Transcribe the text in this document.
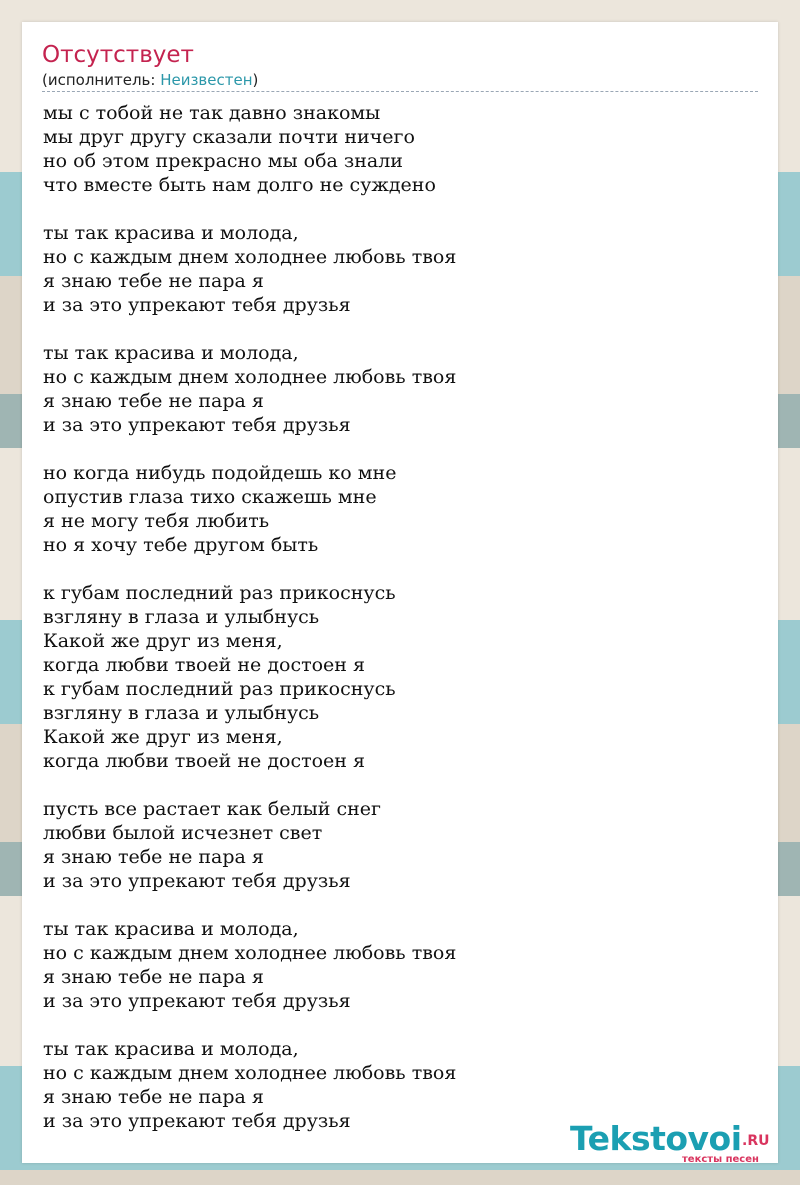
Отсутствует
(исполнитель: Неизвестен)
мы с тобой не так давно знакомы
мы друг другу сказали почти ничего
но об этом прекрасно мы оба знали
что вместе быть нам долго не суждено
ты так красива и молода,
но с каждым днем холоднее любовь твоя
я знаю тебе не пара я
и за это упрекают тебя друзья
ты так красива и молода,
но с каждым днем холоднее любовь твоя
я знаю тебе не пара я
и за это упрекают тебя друзья
но когда нибудь подойдешь ко мне
опустив глаза тихо скажешь мне
я не могу тебя любить
но я хочу тебе другом быть
к губам последний раз прикоснусь
взгляну в глаза и улыбнусь
Какой же друг из меня,
когда любви твоей не достоен я
к губам последний раз прикоснусь
взгляну в глаза и улыбнусь
Какой же друг из меня,
когда любви твоей не достоен я
пусть все растает как белый снег
любви былой исчезнет свет
я знаю тебе не пара я
и за это упрекают тебя друзья
ты так красива и молода,
но с каждым днем холоднее любовь твоя
я знаю тебе не пара я
и за это упрекают тебя друзья
ты так красива и молода,
но с каждым днем холоднее любовь твоя
я знаю тебе не пара я
и за это упрекают тебя друзья	Tekstovoi .RU
тексты песен
